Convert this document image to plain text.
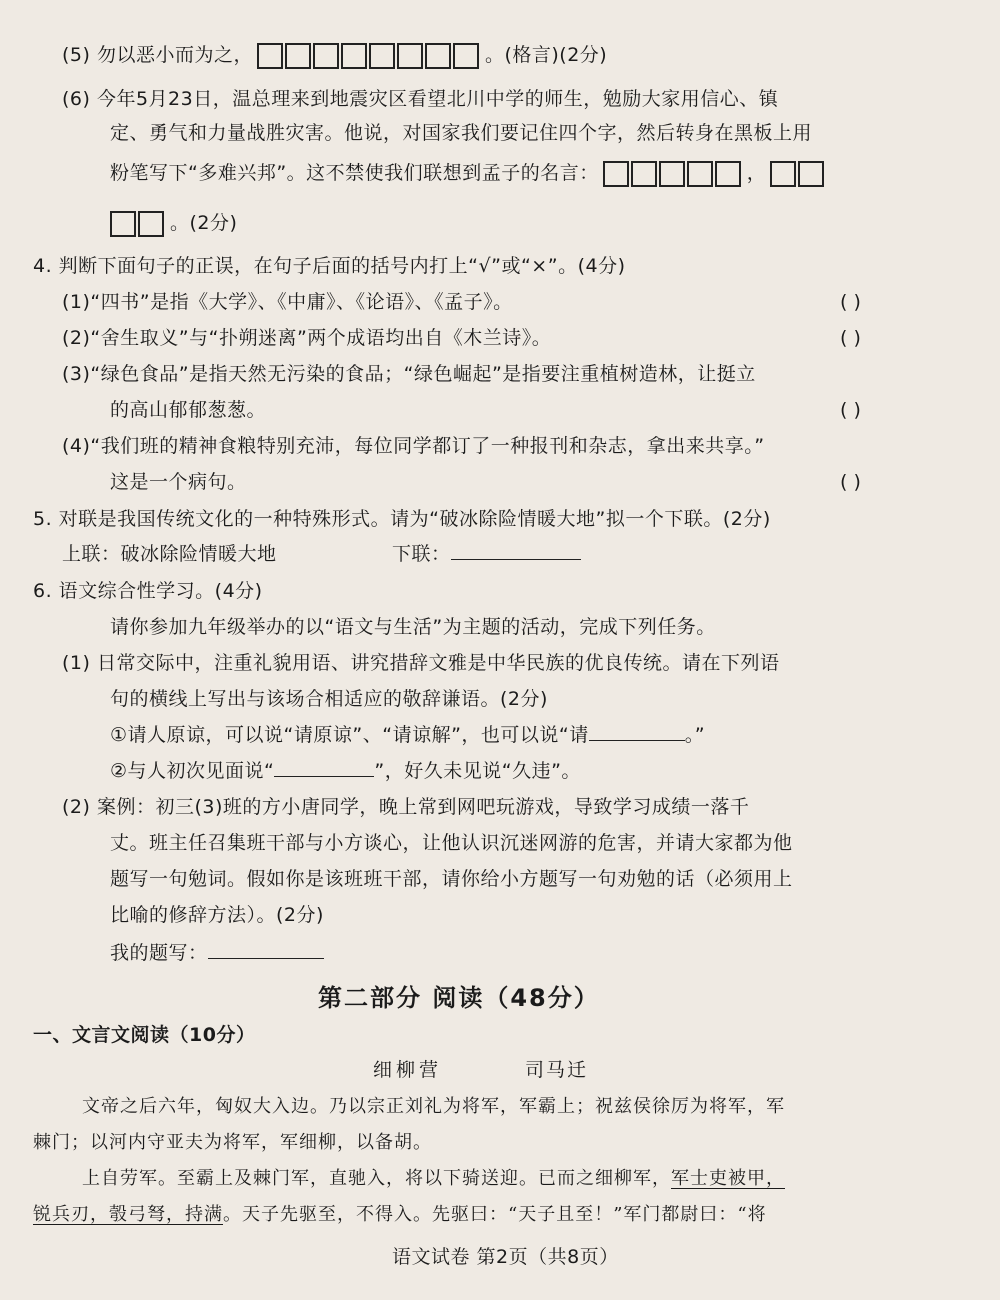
(5) 勿以恶小而为之，	。(格言)(2分)
(6) 今年5月23日，温总理来到地震灾区看望北川中学的师生，勉励大家用信心、镇
定、勇气和力量战胜灾害。他说，对国家我们要记住四个字，然后转身在黑板上用
粉笔写下“多难兴邦”。这不禁使我们联想到孟子的名言：	，
。(2分)
4. 判断下面句子的正误，在句子后面的括号内打上“√”或“×”。(4分)
(1)“四书”是指《大学》、《中庸》、《论语》、《孟子》。	( )
(2)“舍生取义”与“扑朔迷离”两个成语均出自《木兰诗》。	( )
(3)“绿色食品”是指天然无污染的食品；“绿色崛起”是指要注重植树造林，让挺立
的高山郁郁葱葱。	( )
(4)“我们班的精神食粮特别充沛，每位同学都订了一种报刊和杂志，拿出来共享。”
这是一个病句。	( )
5. 对联是我国传统文化的一种特殊形式。请为“破冰除险情暖大地”拟一个下联。(2分)
上联：破冰除险情暖大地	下联：
6. 语文综合性学习。(4分)
请你参加九年级举办的以“语文与生活”为主题的活动，完成下列任务。
(1) 日常交际中，注重礼貌用语、讲究措辞文雅是中华民族的优良传统。请在下列语
句的横线上写出与该场合相适应的敬辞谦语。(2分)
①请人原谅，可以说“请原谅”、“请谅解”，也可以说“请	。”
②与人初次见面说“	”，好久未见说“久违”。
(2) 案例：初三(3)班的方小唐同学，晚上常到网吧玩游戏，导致学习成绩一落千
丈。班主任召集班干部与小方谈心，让他认识沉迷网游的危害，并请大家都为他
题写一句勉词。假如你是该班班干部，请你给小方题写一句劝勉的话（必须用上
比喻的修辞方法）。(2分)
我的题写：
第二部分 阅读（48分）
一、文言文阅读（10分）
细柳营	司马迁
文帝之后六年，匈奴大入边。乃以宗正刘礼为将军，军霸上；祝兹侯徐厉为将军，军
棘门；以河内守亚夫为将军，军细柳，以备胡。
上自劳军。至霸上及棘门军，直驰入，将以下骑送迎。已而之细柳军，军士吏被甲，
锐兵刃，彀弓弩，持满。天子先驱至，不得入。先驱曰：“天子且至！”军门都尉曰：“将
语文试卷 第2页（共8页）
